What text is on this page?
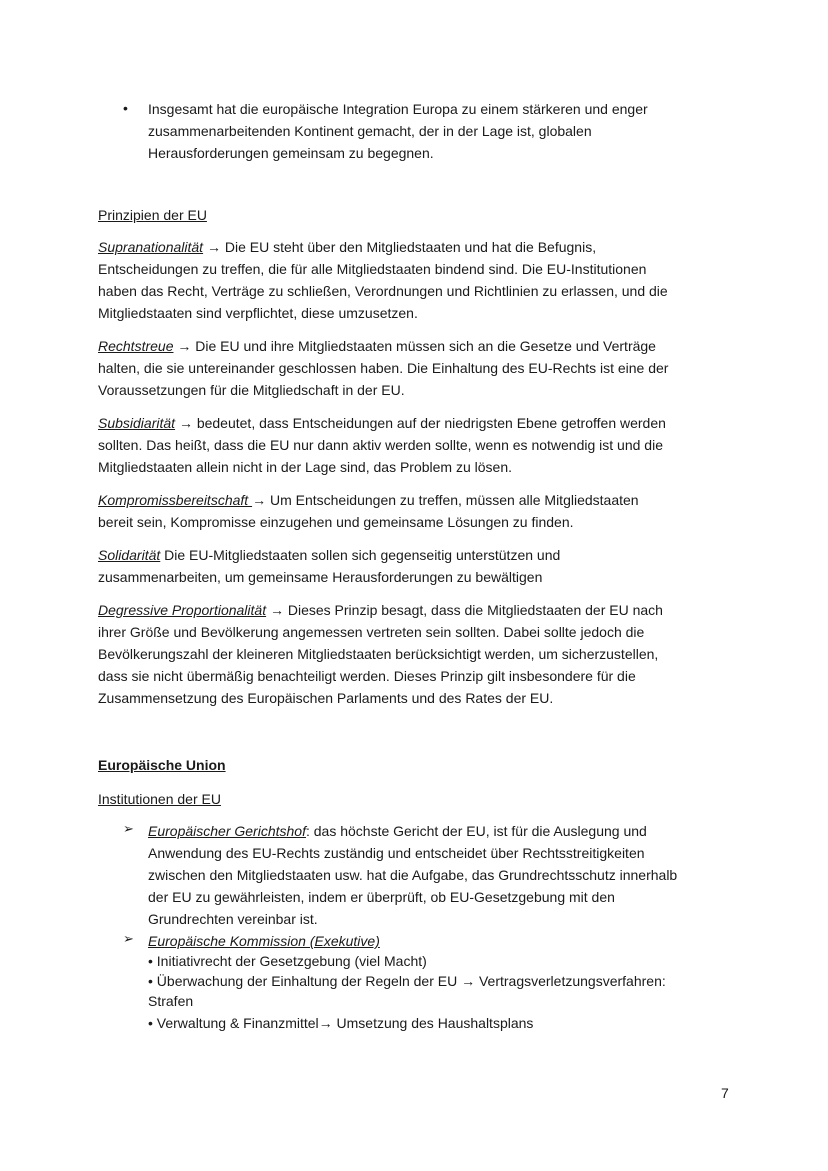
• Insgesamt hat die europäische Integration Europa zu einem stärkeren und enger
zusammenarbeitenden Kontinent gemacht, der in der Lage ist, globalen
Herausforderungen gemeinsam zu begegnen.
Prinzipien der EU
Supranationalität → Die EU steht über den Mitgliedstaaten und hat die Befugnis,
Entscheidungen zu treffen, die für alle Mitgliedstaaten bindend sind. Die EU-Institutionen
haben das Recht, Verträge zu schließen, Verordnungen und Richtlinien zu erlassen, und die
Mitgliedstaaten sind verpflichtet, diese umzusetzen.
Rechtstreue → Die EU und ihre Mitgliedstaaten müssen sich an die Gesetze und Verträge
halten, die sie untereinander geschlossen haben. Die Einhaltung des EU-Rechts ist eine der
Voraussetzungen für die Mitgliedschaft in der EU.
Subsidiarität → bedeutet, dass Entscheidungen auf der niedrigsten Ebene getroffen werden
sollten. Das heißt, dass die EU nur dann aktiv werden sollte, wenn es notwendig ist und die
Mitgliedstaaten allein nicht in der Lage sind, das Problem zu lösen.
Kompromissbereitschaft → Um Entscheidungen zu treffen, müssen alle Mitgliedstaaten
bereit sein, Kompromisse einzugehen und gemeinsame Lösungen zu finden.
Solidarität Die EU-Mitgliedstaaten sollen sich gegenseitig unterstützen und
zusammenarbeiten, um gemeinsame Herausforderungen zu bewältigen
Degressive Proportionalität → Dieses Prinzip besagt, dass die Mitgliedstaaten der EU nach
ihrer Größe und Bevölkerung angemessen vertreten sein sollten. Dabei sollte jedoch die
Bevölkerungszahl der kleineren Mitgliedstaaten berücksichtigt werden, um sicherzustellen,
dass sie nicht übermäßig benachteiligt werden. Dieses Prinzip gilt insbesondere für die
Zusammensetzung des Europäischen Parlaments und des Rates der EU.
Europäische Union
Institutionen der EU
➢ Europäischer Gerichtshof: das höchste Gericht der EU, ist für die Auslegung und
Anwendung des EU-Rechts zuständig und entscheidet über Rechtsstreitigkeiten
zwischen den Mitgliedstaaten usw. hat die Aufgabe, das Grundrechtsschutz innerhalb
der EU zu gewährleisten, indem er überprüft, ob EU-Gesetzgebung mit den
Grundrechten vereinbar ist.
➢ Europäische Kommission (Exekutive)
• Initiativrecht der Gesetzgebung (viel Macht)
• Überwachung der Einhaltung der Regeln der EU → Vertragsverletzungsverfahren:
Strafen
• Verwaltung & Finanzmittel→ Umsetzung des Haushaltsplans
7
